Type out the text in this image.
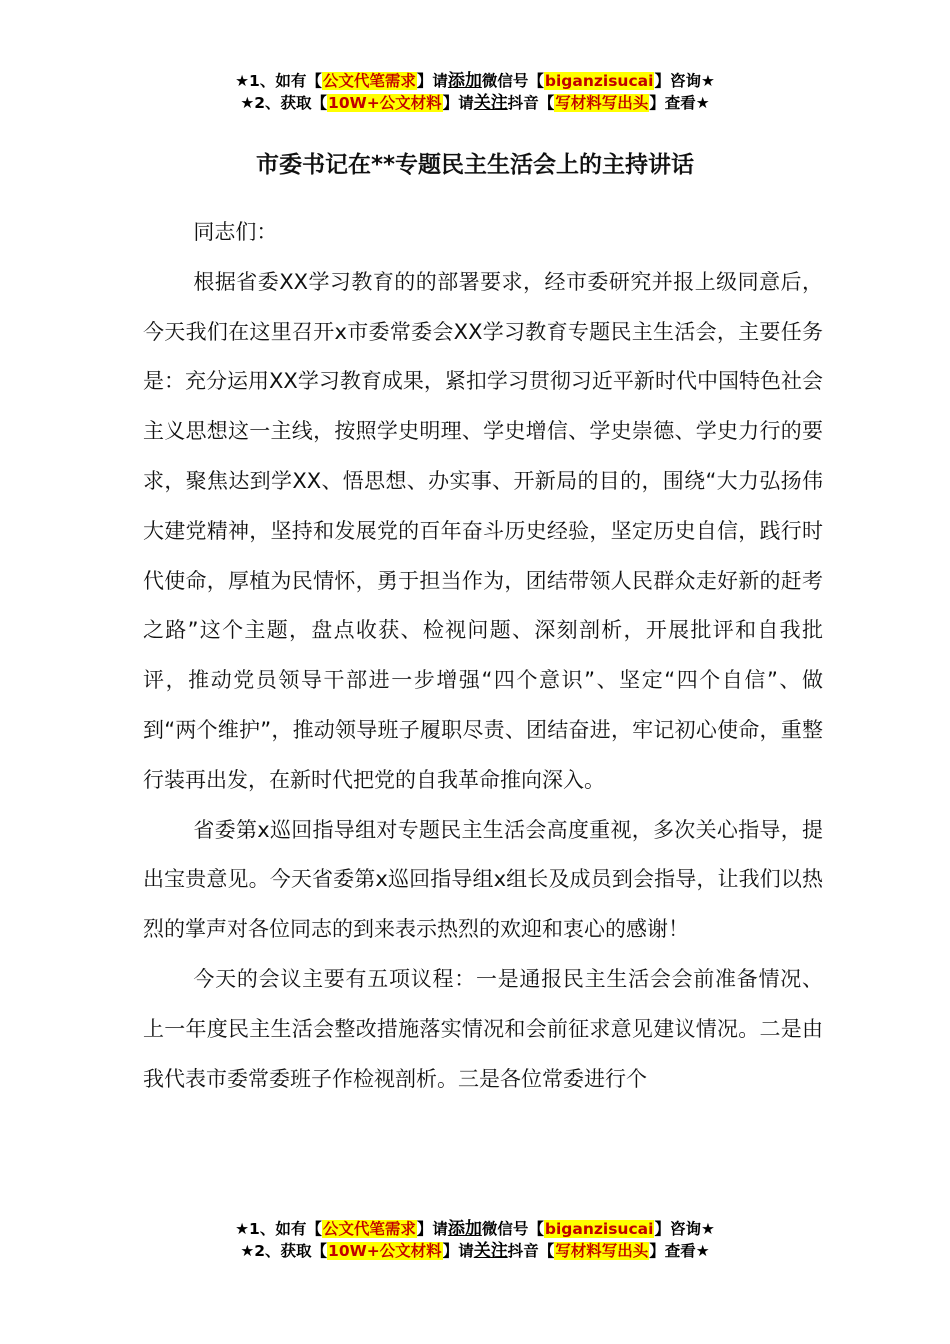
★1、如有【公文代笔需求】请添加微信号【biganzisucai】咨询★
★2、获取【10W+公文材料】请关注抖音【写材料写出头】查看★
市委书记在**专题民主生活会上的主持讲话

同志们：

根据省委XX学习教育的的部署要求，经市委研究并报上级同意后，今天我们在这里召开x市委常委会XX学习教育专题民主生活会，主要任务是：充分运用XX学习教育成果，紧扣学习贯彻习近平新时代中国特色社会主义思想这一主线，按照学史明理、学史增信、学史崇德、学史力行的要求，聚焦达到学XX、悟思想、办实事、开新局的目的，围绕“大力弘扬伟大建党精神，坚持和发展党的百年奋斗历史经验，坚定历史自信，践行时代使命，厚植为民情怀，勇于担当作为，团结带领人民群众走好新的赶考之路”这个主题，盘点收获、检视问题、深刻剖析，开展批评和自我批评，推动党员领导干部进一步增强“四个意识”、坚定“四个自信”、做到“两个维护”，推动领导班子履职尽责、团结奋进，牢记初心使命，重整行装再出发，在新时代把党的自我革命推向深入。

省委第x巡回指导组对专题民主生活会高度重视，多次关心指导，提出宝贵意见。今天省委第x巡回指导组x组长及成员到会指导，让我们以热烈的掌声对各位同志的到来表示热烈的欢迎和衷心的感谢！

今天的会议主要有五项议程：一是通报民主生活会会前准备情况、上一年度民主生活会整改措施落实情况和会前征求意见建议情况。二是由我代表市委常委班子作检视剖析。三是各位常委进行个

★1、如有【公文代笔需求】请添加微信号【biganzisucai】咨询★
★2、获取【10W+公文材料】请关注抖音【写材料写出头】查看★
